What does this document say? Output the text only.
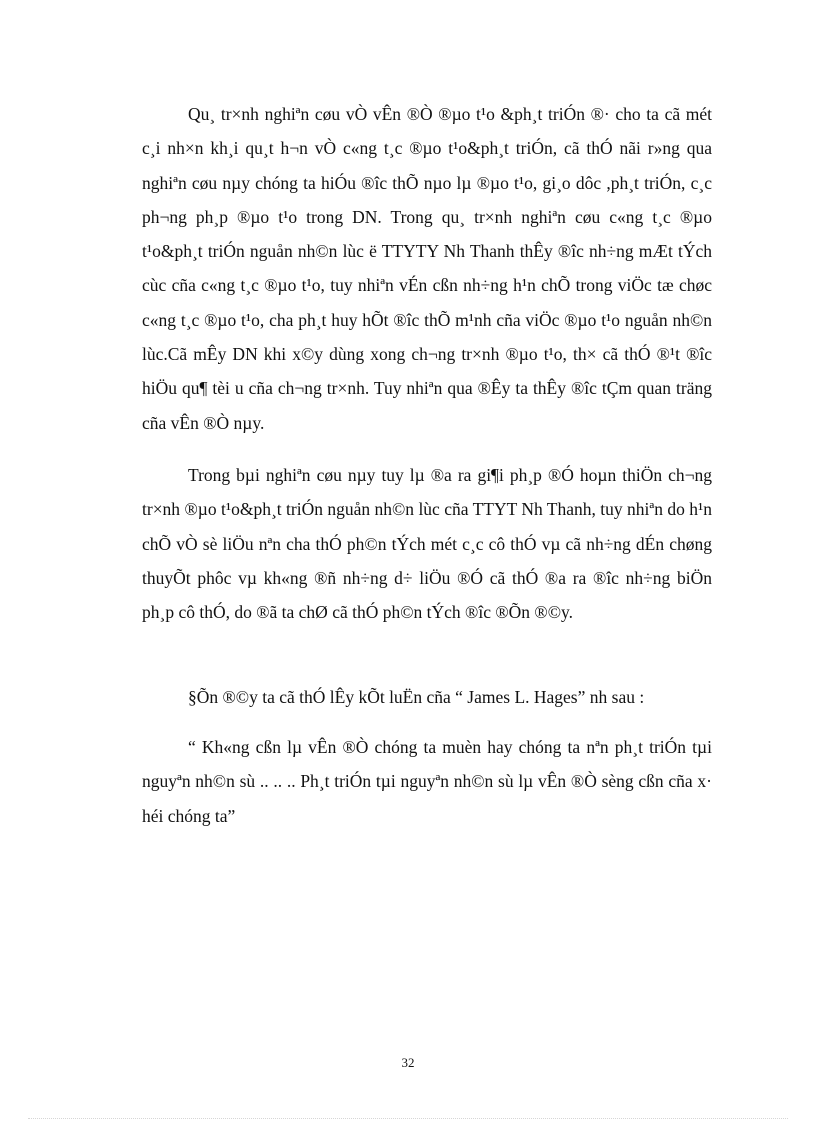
Qu¸ tr×nh nghiªn cøu vÒ vÊn ®Ò ®µo t¹o &ph¸t triÓn ®· cho ta cã mét c¸i nh×n kh¸i qu¸t h¬n vÒ c«ng t¸c ®µo t¹o&ph¸t triÓn, cã thÓ nãi r»ng qua nghiªn cøu nµy chóng ta hiÓu ®îc thÕ nµo lµ ®µo t¹o, gi¸o dôc ,ph¸t triÓn, c¸c ph¬ng ph¸p ®µo t¹o trong DN. Trong qu¸ tr×nh nghiªn cøu c«ng t¸c ®µo t¹o&ph¸t triÓn nguån nh©n lùc ë TTYTY Nh Thanh thÊy ®îc nh÷ng mÆt tÝch cùc cña c«ng t¸c ®µo t¹o, tuy nhiªn vÉn cßn nh÷ng h¹n chÕ trong viÖc tæ chøc c«ng t¸c ®µo t¹o, cha ph¸t huy hÕt ®îc thÕ m¹nh cña viÖc ®µo t¹o nguån nh©n lùc.Cã mÊy DN khi x©y dùng xong ch¬ng tr×nh ®µo t¹o, th× cã thÓ ®¹t ®îc hiÖu qu¶ tèi u cña ch¬ng tr×nh. Tuy nhiªn qua ®Êy ta thÊy ®îc tÇm quan träng cña vÊn ®Ò nµy.

Trong bµi nghiªn cøu nµy tuy lµ ®a ra gi¶i ph¸p ®Ó hoµn thiÖn ch¬ng tr×nh ®µo t¹o&ph¸t triÓn nguån nh©n lùc cña TTYT Nh Thanh, tuy nhiªn do h¹n chÕ vÒ sè liÖu nªn cha thÓ ph©n tÝch mét c¸c cô thÓ vµ cã nh÷ng dÉn chøng thuyÕt phôc vµ kh«ng ®ñ nh÷ng d÷ liÖu ®Ó cã thÓ ®a ra ®îc nh÷ng biÖn ph¸p cô thÓ, do ®ã ta chØ cã thÓ ph©n tÝch ®îc ®Õn ®©y.

§Õn ®©y ta cã thÓ lÊy kÕt luËn cña “ James L. Hages” nh sau :

“ Kh«ng cßn lµ vÊn ®Ò chóng ta muèn hay chóng ta nªn ph¸t triÓn tµi nguyªn nh©n sù .. .. .. Ph¸t triÓn tµi nguyªn nh©n sù lµ vÊn ®Ò sèng cßn cña x· héi chóng ta”

32
